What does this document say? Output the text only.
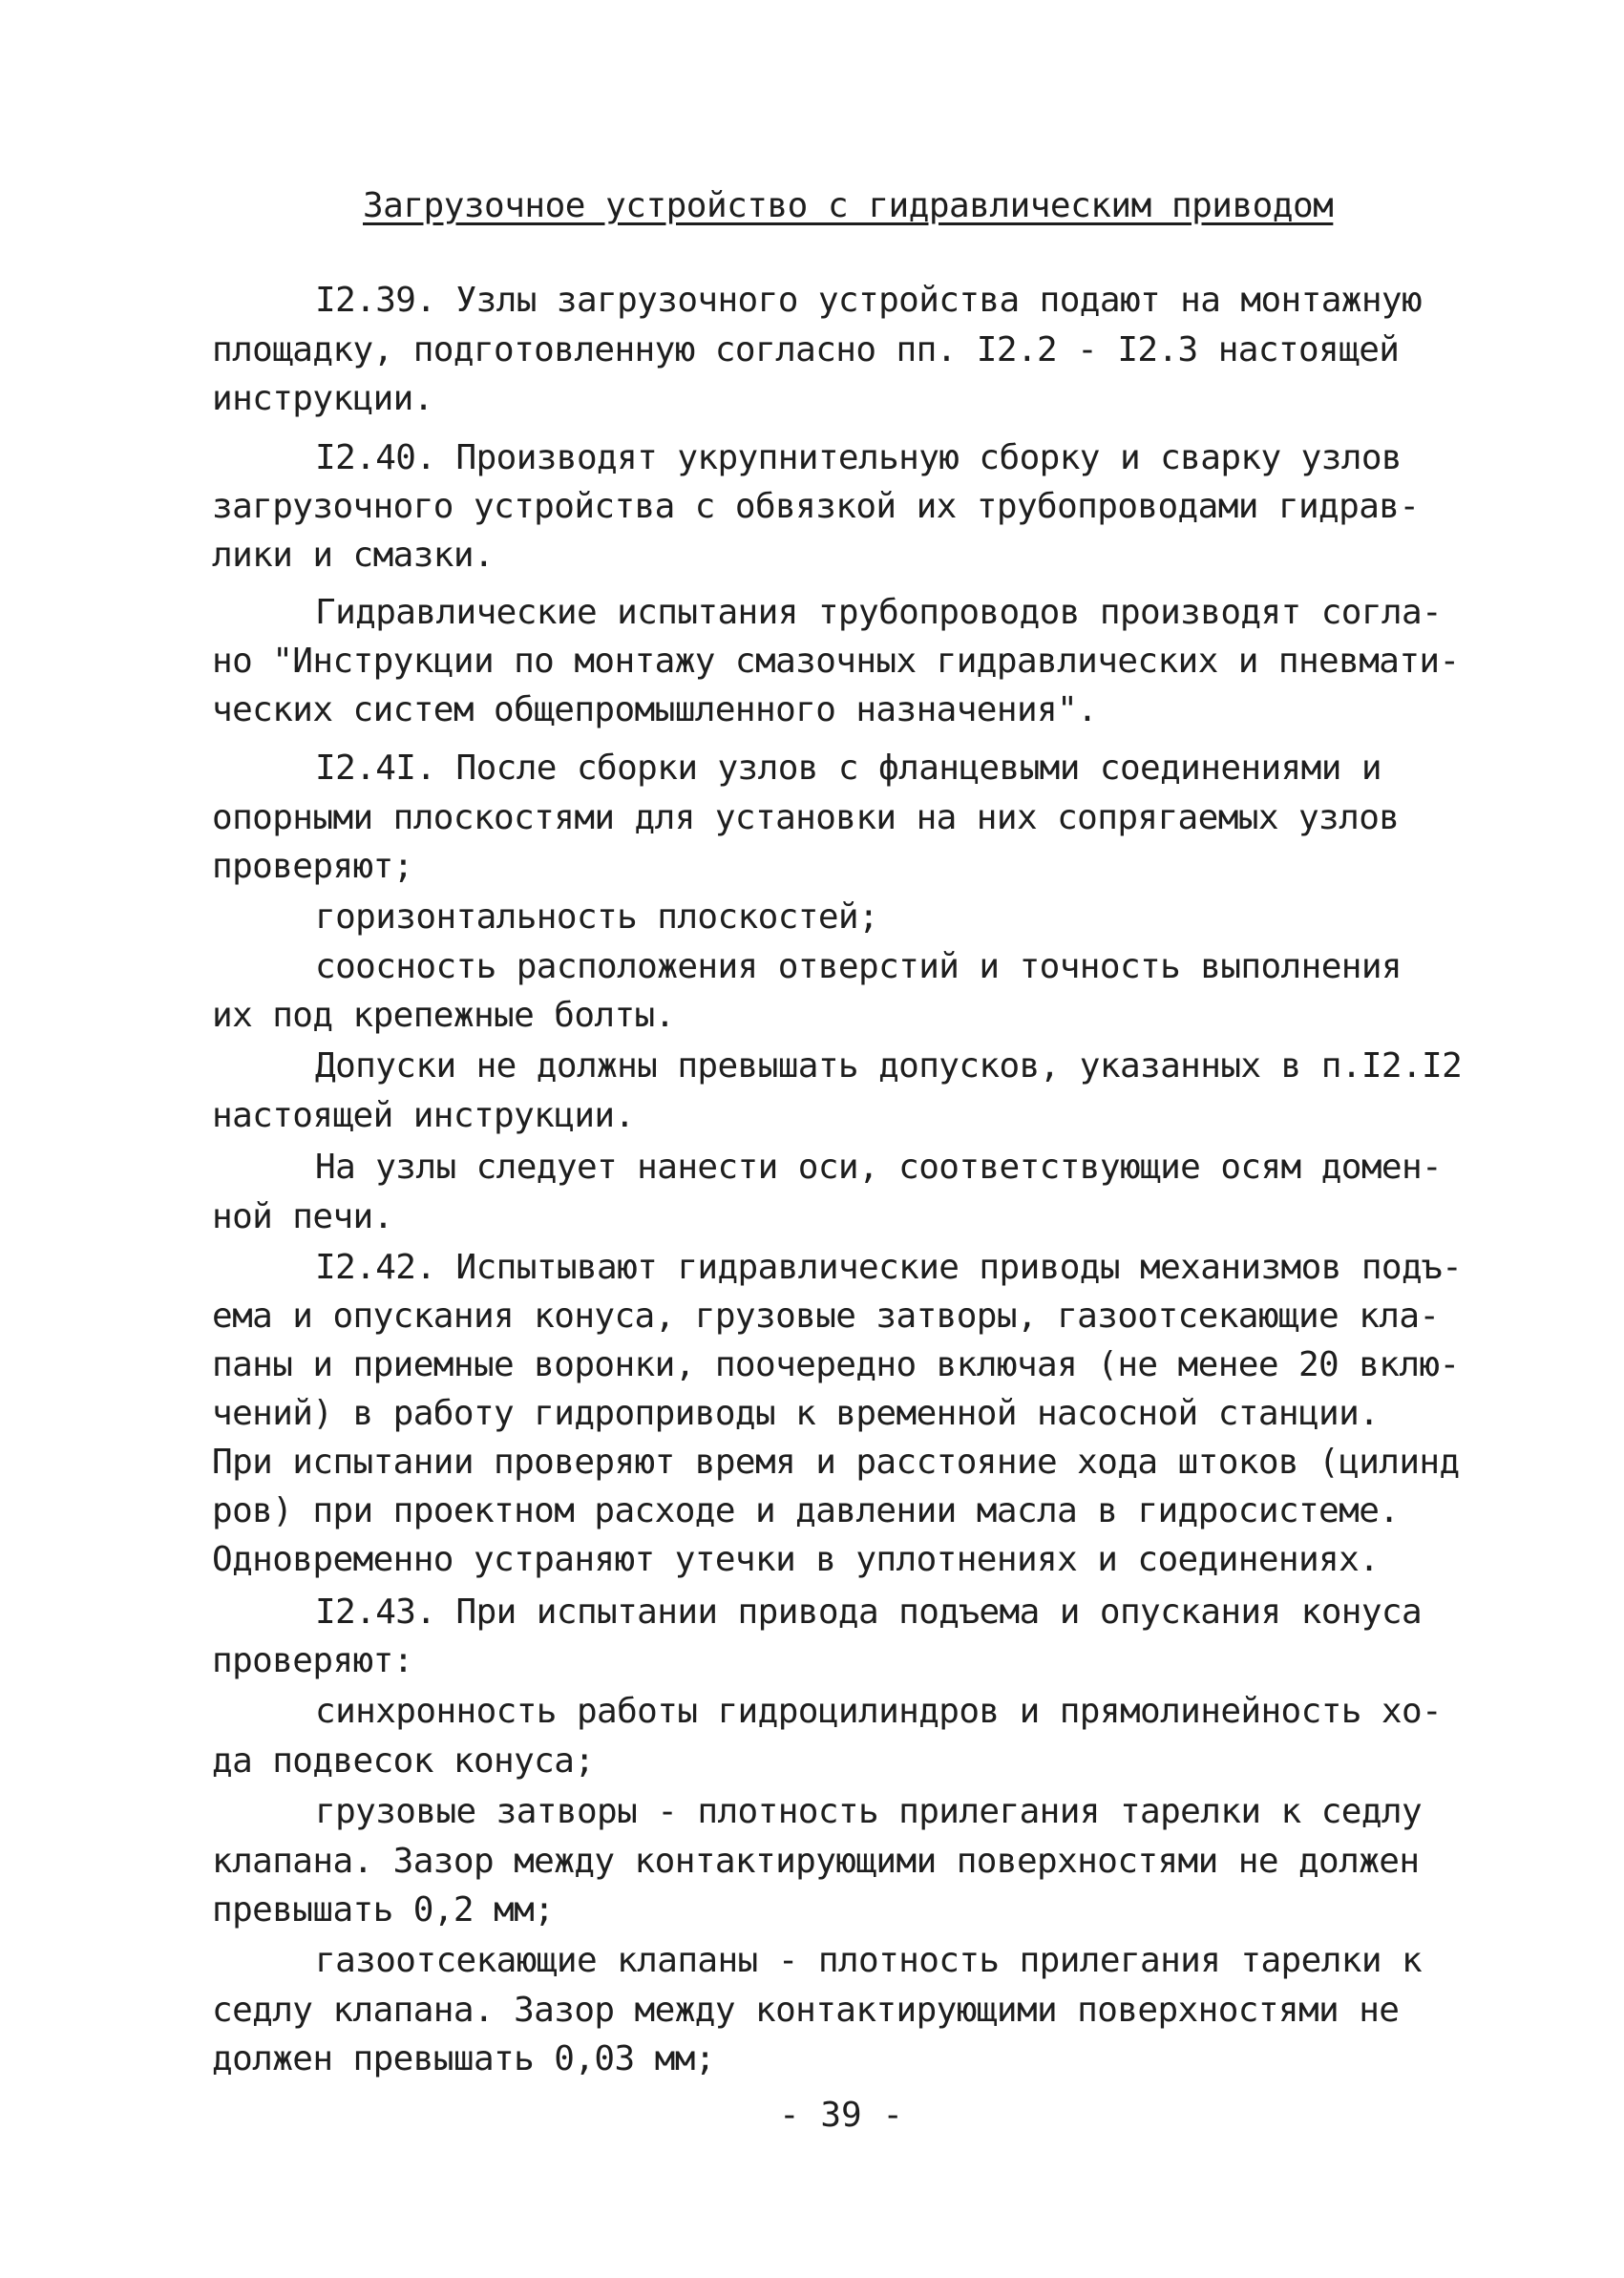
Загрузочное устройство с гидравлическим приводом
I2.39. Узлы загрузочного устройства подают на монтажную
площадку, подготовленную согласно пп. I2.2 - I2.3 настоящей
инструкции.
I2.40. Производят укрупнительную сборку и сварку узлов
загрузочного устройства с обвязкой их трубопроводами гидрав-
лики и смазки.
Гидравлические испытания трубопроводов производят согла-
но "Инструкции по монтажу смазочных гидравлических и пневмати-
ческих систем общепромышленного назначения".
I2.4I. После сборки узлов с фланцевыми соединениями и
опорными плоскостями для установки на них сопрягаемых узлов
проверяют;
горизонтальность плоскостей;
соосность расположения отверстий и точность выполнения
их под крепежные болты.
Допуски не должны превышать допусков, указанных в п.I2.I2
настоящей инструкции.
На узлы следует нанести оси, соответствующие осям домен-
ной печи.
I2.42. Испытывают гидравлические приводы механизмов подъ-
ема и опускания конуса, грузовые затворы, газоотсекающие кла-
паны и приемные воронки, поочередно включая (не менее 20 вклю-
чений) в работу гидроприводы к временной насосной станции.
При испытании проверяют время и расстояние хода штоков (цилинд
ров) при проектном расходе и давлении масла в гидросистеме.
Одновременно устраняют утечки в уплотнениях и соединениях.
I2.43. При испытании привода подъема и опускания конуса
проверяют:
синхронность работы гидроцилиндров и прямолинейность хо-
да подвесок конуса;
грузовые затворы - плотность прилегания тарелки к седлу
клапана. Зазор между контактирующими поверхностями не должен
превышать 0,2 мм;
газоотсекающие клапаны - плотность прилегания тарелки к
седлу клапана. Зазор между контактирующими поверхностями не
должен превышать 0,03 мм;
- 39 -
